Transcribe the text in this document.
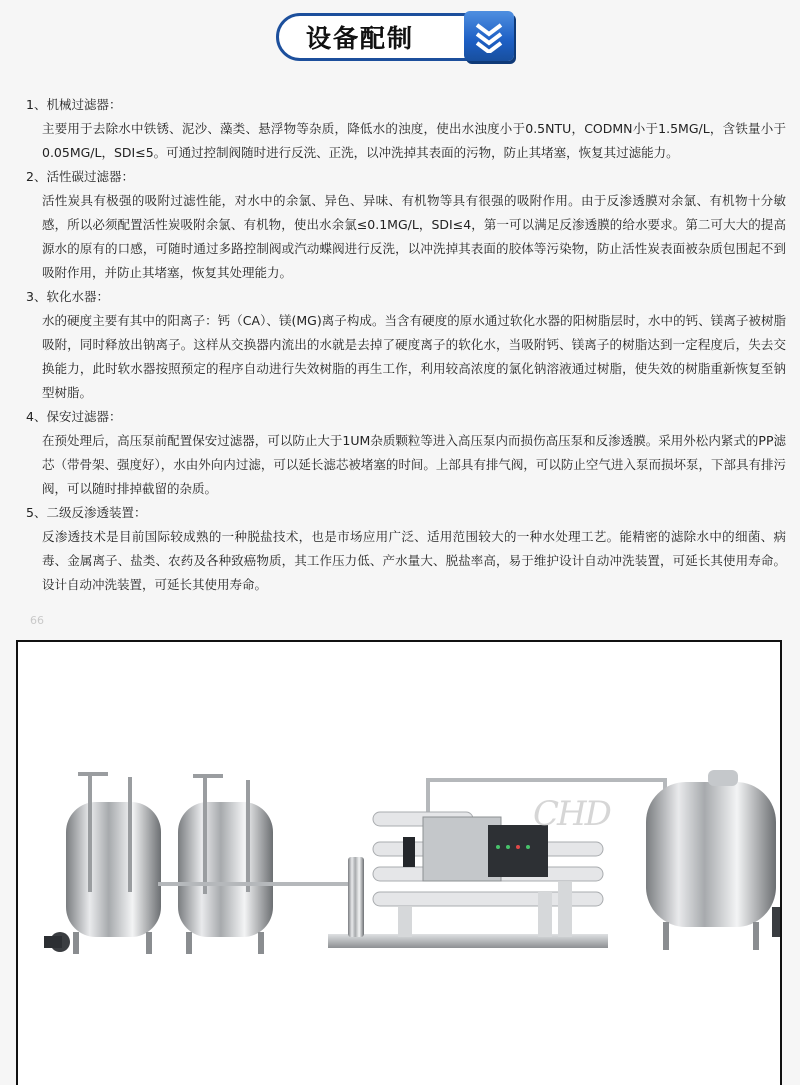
设备配制
1、机械过滤器：

主要用于去除水中铁锈、泥沙、藻类、悬浮物等杂质，降低水的浊度，使出水浊度小于0.5NTU，CODMN小于1.5MG/L，含铁量小于0.05MG/L，SDI≤5。可通过控制阀随时进行反洗、正洗，以冲洗掉其表面的污物，防止其堵塞，恢复其过滤能力。

2、活性碳过滤器：

活性炭具有极强的吸附过滤性能，对水中的余氯、异色、异味、有机物等具有很强的吸附作用。由于反渗透膜对余氯、有机物十分敏感，所以必须配置活性炭吸附余氯、有机物，使出水余氯≤0.1MG/L，SDI≤4，第一可以满足反渗透膜的给水要求。第二可大大的提高源水的原有的口感，可随时通过多路控制阀或汽动蝶阀进行反洗，以冲洗掉其表面的胶体等污染物，防止活性炭表面被杂质包围起不到吸附作用，并防止其堵塞，恢复其处理能力。

3、软化水器：

水的硬度主要有其中的阳离子：钙（CA）、镁(MG)离子构成。当含有硬度的原水通过软化水器的阳树脂层时，水中的钙、镁离子被树脂吸附，同时释放出钠离子。这样从交换器内流出的水就是去掉了硬度离子的软化水，当吸附钙、镁离子的树脂达到一定程度后，失去交换能力，此时软水器按照预定的程序自动进行失效树脂的再生工作，利用较高浓度的氯化钠溶液通过树脂，使失效的树脂重新恢复至钠型树脂。

4、保安过滤器：

在预处理后，高压泵前配置保安过滤器，可以防止大于1UM杂质颗粒等进入高压泵内而损伤高压泵和反渗透膜。采用外松内紧式的PP滤芯（带骨架、强度好），水由外向内过滤，可以延长滤芯被堵塞的时间。上部具有排气阀，可以防止空气进入泵而损坏泵，下部具有排污阀，可以随时排掉截留的杂质。

5、二级反渗透装置：

反渗透技术是目前国际较成熟的一种脱盐技术，也是市场应用广泛、适用范围较大的一种水处理工艺。能精密的滤除水中的细菌、病毒、金属离子、盐类、农药及各种致癌物质，其工作压力低、产水量大、脱盐率高，易于维护设计自动冲洗装置，可延长其使用寿命。设计自动冲洗装置，可延长其使用寿命。

66
CHD
